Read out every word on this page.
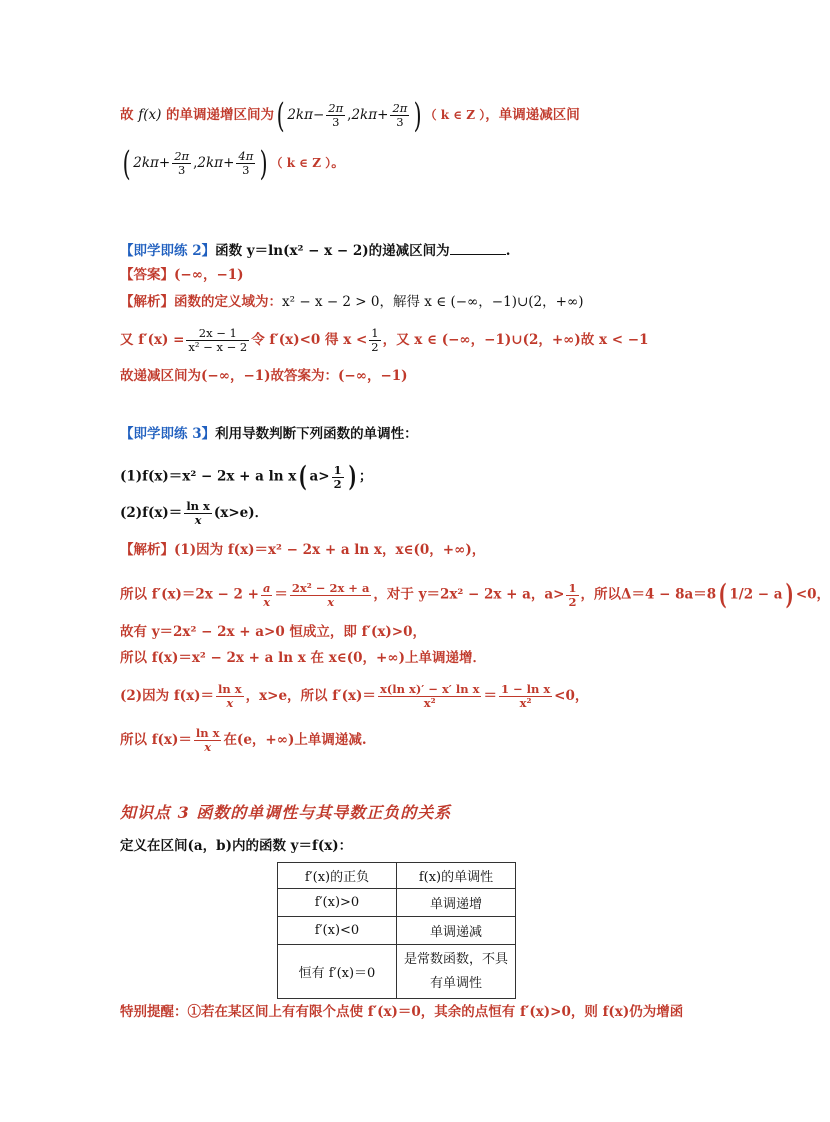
故 f(x) 的单调递增区间为( $2k\pi- \frac{2\pi}{3} ,2k\pi+ \frac{2\pi}{3}$ ) （ k ∈ Z ），单调递减区间
( $2k\pi+ \frac{2\pi}{3} ,2k\pi+ \frac{4\pi}{3}$ ) （ k ∈ Z ）。
【即学即练 2】函数 y＝ln(x² − x − 2)的递减区间为	.
【答案】(−∞，−1)
【解析】函数的定义域为：x² − x − 2 > 0，解得 x ∈ (−∞，−1)∪(2，+∞)
又 $f'(x) = \frac{2x - 1}{\text{x² − x − 2}}$ 令 f′(x)<0 得 $x < \frac{1}{2}$ ，又 x ∈ (−∞，−1)∪(2，+∞)故 x < −1
故递减区间为(−∞，−1)故答案为：(−∞，−1)
【即学即练 3】利用导数判断下列函数的单调性：
(1)f(x)＝x² − 2x + a ln x( $a> \frac{1}{2}$ ) ；
$(2)f(x)= \frac{\text{ln x}}{x} (x>e)$．
【解析】(1)因为 f(x)＝x² − 2x + a ln x，x∈(0，+∞)，
所以 $f'(x)=2x - 2 + \frac{a}{x} = \frac{\text{2x² − 2x + a}}{x}$ ，对于 y＝2x² − 2x + a，$a> \frac{1}{2}$ ，所以Δ＝4 − 8a＝8( 1/2 − a) <0，
故有 y＝2x² − 2x + a>0 恒成立，即 f′(x)>0，
所以 f(x)＝x² − 2x + a ln x 在 x∈(0，+∞)上单调递增．
(2)因为 $f(x)= \frac{\text{ln x}}{x}$ ，x>e，所以 $f'(x)= \frac{\text{x(ln x)′ − x′ ln x}}{\text{x²}} = \frac{\text{1 − ln x}}{\text{x²}} <0$，
所以 $f(x)= \frac{\text{ln x}}{x}$ 在(e，+∞)上单调递减.
知识点 3 函数的单调性与其导数正负的关系
定义在区间(a，b)内的函数 y＝f(x)：
f′(x)的正负	f(x)的单调性
f′(x)>0	单调递增
f′(x)<0	单调递减
恒有 f′(x)＝0	是常数函数，不具有单调性
特别提醒：①若在某区间上有有限个点使 f′(x)＝0，其余的点恒有 f′(x)>0，则 f(x)仍为增函
